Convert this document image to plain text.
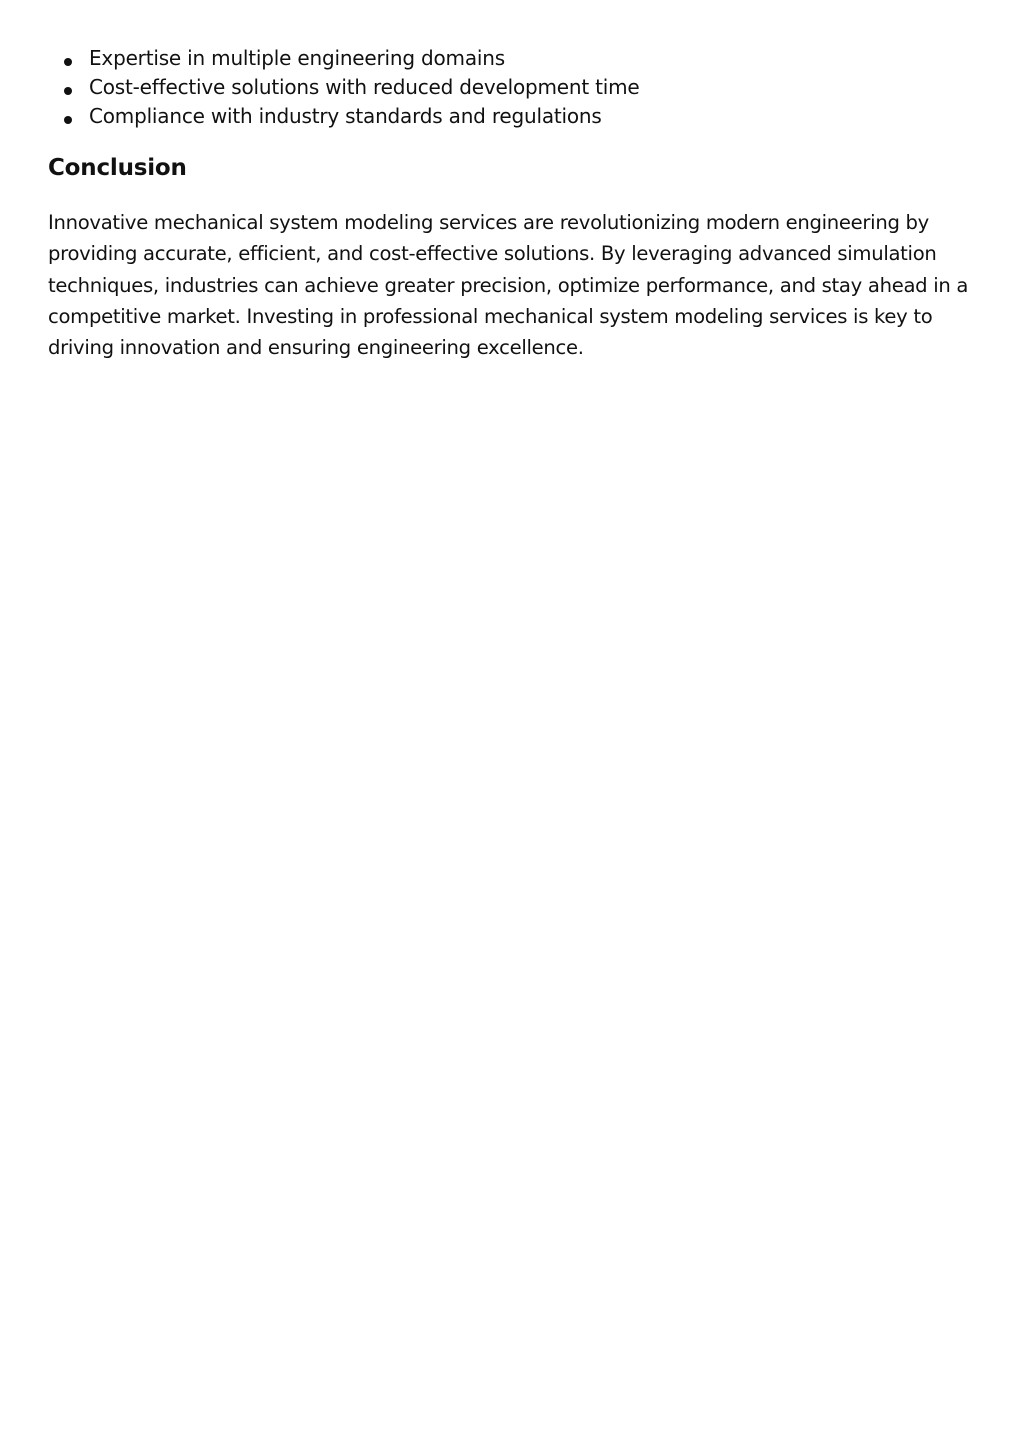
Expertise in multiple engineering domains
Cost-effective solutions with reduced development time
Compliance with industry standards and regulations
Conclusion

Innovative mechanical system modeling services are revolutionizing modern engineering by providing accurate, efficient, and cost-effective solutions. By leveraging advanced simulation techniques, industries can achieve greater precision, optimize performance, and stay ahead in a competitive market. Investing in professional mechanical system modeling services is key to driving innovation and ensuring engineering excellence.
